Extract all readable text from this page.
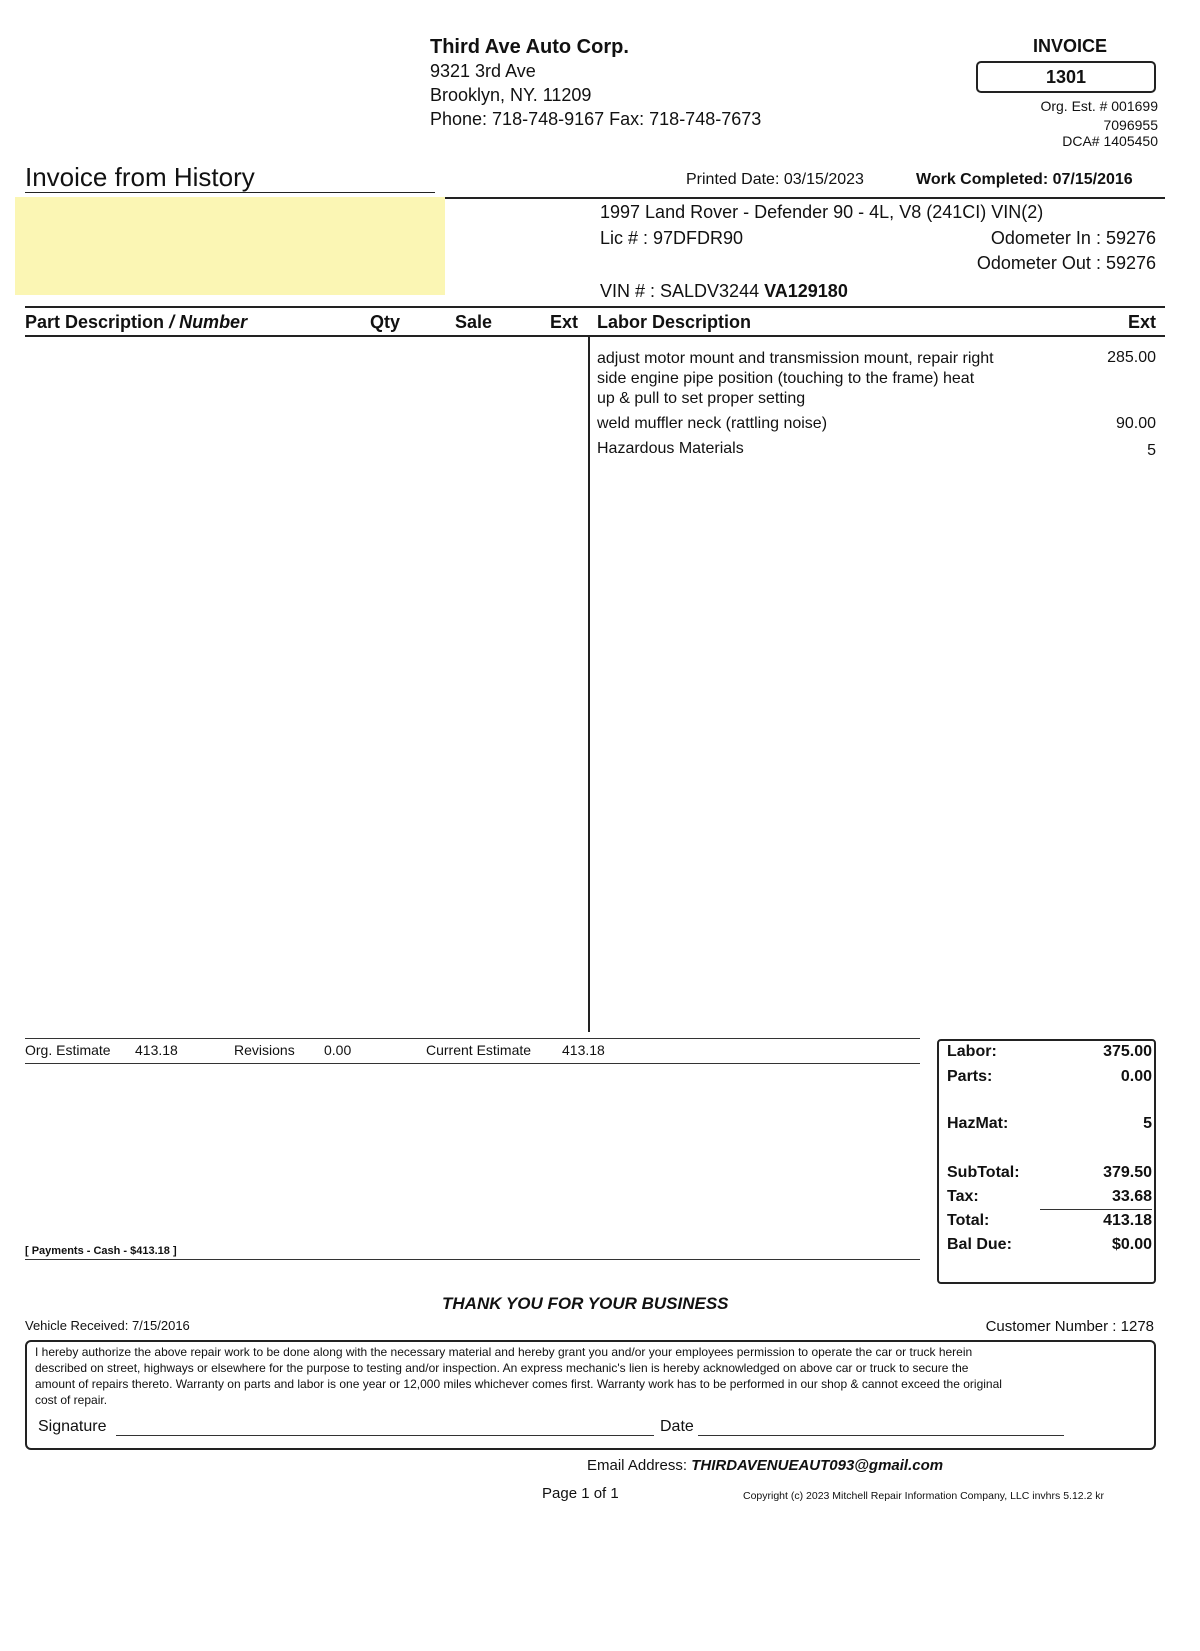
Third Ave Auto Corp.
9321 3rd Ave
Brooklyn, NY. 11209
Phone: 718-748-9167 Fax: 718-748-7673
INVOICE
1301
Org. Est. # 001699
7096955
DCA# 1405450
Invoice from History	Printed Date: 03/15/2023	Work Completed: 07/15/2016
1997 Land Rover - Defender 90 - 4L, V8 (241CI) VIN(2)
Lic # : 97DFDR90	Odometer In : 59276
Odometer Out : 59276
VIN # : SALDV3244 VA129180
Part Description / Number	Qty	Sale	Ext Labor Description	Ext
adjust motor mount and transmission mount, repair right
side engine pipe position (touching to the frame) heat
up & pull to set proper setting
285.00
weld muffler neck (rattling noise)	90.00
Hazardous Materials	5
Org. Estimate 413.18	Revisions 0.00	Current Estimate 413.18
[ Payments - Cash - $413.18 ]
Labor:	375.00
Parts:	0.00
HazMat:	5
SubTotal:	379.50
Tax:	33.68
Total:	413.18
Bal Due:	$0.00
THANK YOU FOR YOUR BUSINESS
Vehicle Received: 7/15/2016	Customer Number : 1278
I hereby authorize the above repair work to be done along with the necessary material and hereby grant you and/or your employees permission to operate the car or truck herein
described on street, highways or elsewhere for the purpose to testing and/or inspection. An express mechanic's lien is hereby acknowledged on above car or truck to secure the
amount of repairs thereto. Warranty on parts and labor is one year or 12,000 miles whichever comes first. Warranty work has to be performed in our shop & cannot exceed the original
cost of repair.
Signature	Date
Email Address: THIRDAVENUEAUT093@gmail.com
Page 1 of 1	Copyright (c) 2023 Mitchell Repair Information Company, LLC invhrs 5.12.2 kr
